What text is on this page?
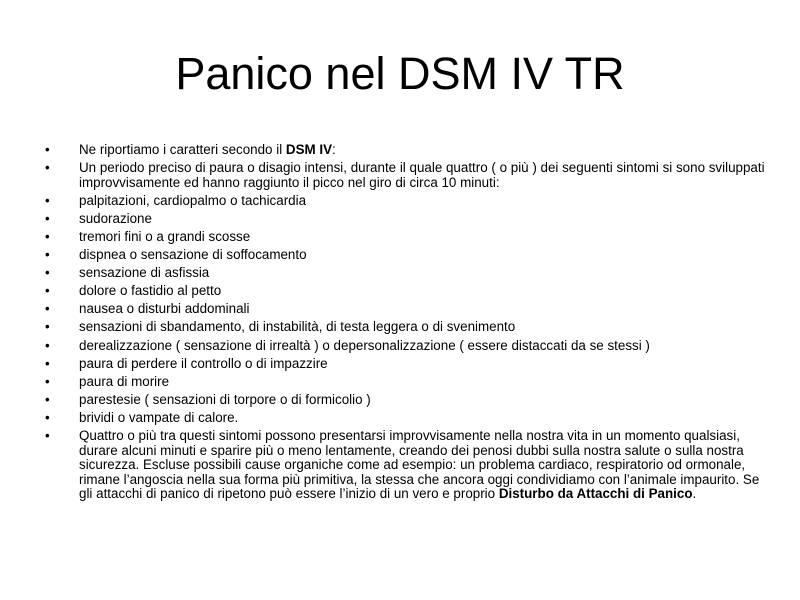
Panico nel DSM IV TR
• Ne riportiamo i caratteri secondo il DSM IV:
• Un periodo preciso di paura o disagio intensi, durante il quale quattro ( o più ) dei seguenti sintomi si sono sviluppati improvvisamente ed hanno raggiunto il picco nel giro di circa 10 minuti:
• palpitazioni, cardiopalmo o tachicardia
• sudorazione
• tremori fini o a grandi scosse
• dispnea o sensazione di soffocamento
• sensazione di asfissia
• dolore o fastidio al petto
• nausea o disturbi addominali
• sensazioni di sbandamento, di instabilità, di testa leggera o di svenimento
• derealizzazione ( sensazione di irrealtà ) o depersonalizzazione ( essere distaccati da se stessi )
• paura di perdere il controllo o di impazzire
• paura di morire
• parestesie ( sensazioni di torpore o di formicolio )
• brividi o vampate di calore.
• Quattro o più tra questi sintomi possono presentarsi improvvisamente nella nostra vita in un momento qualsiasi, durare alcuni minuti e sparire più o meno lentamente, creando dei penosi dubbi sulla nostra salute o sulla nostra sicurezza. Escluse possibili cause organiche come ad esempio: un problema cardiaco, respiratorio od ormonale, rimane l’angoscia nella sua forma più primitiva, la stessa che ancora oggi condividiamo con l’animale impaurito. Se gli attacchi di panico di ripetono può essere l’inizio di un vero e proprio Disturbo da Attacchi di Panico.
